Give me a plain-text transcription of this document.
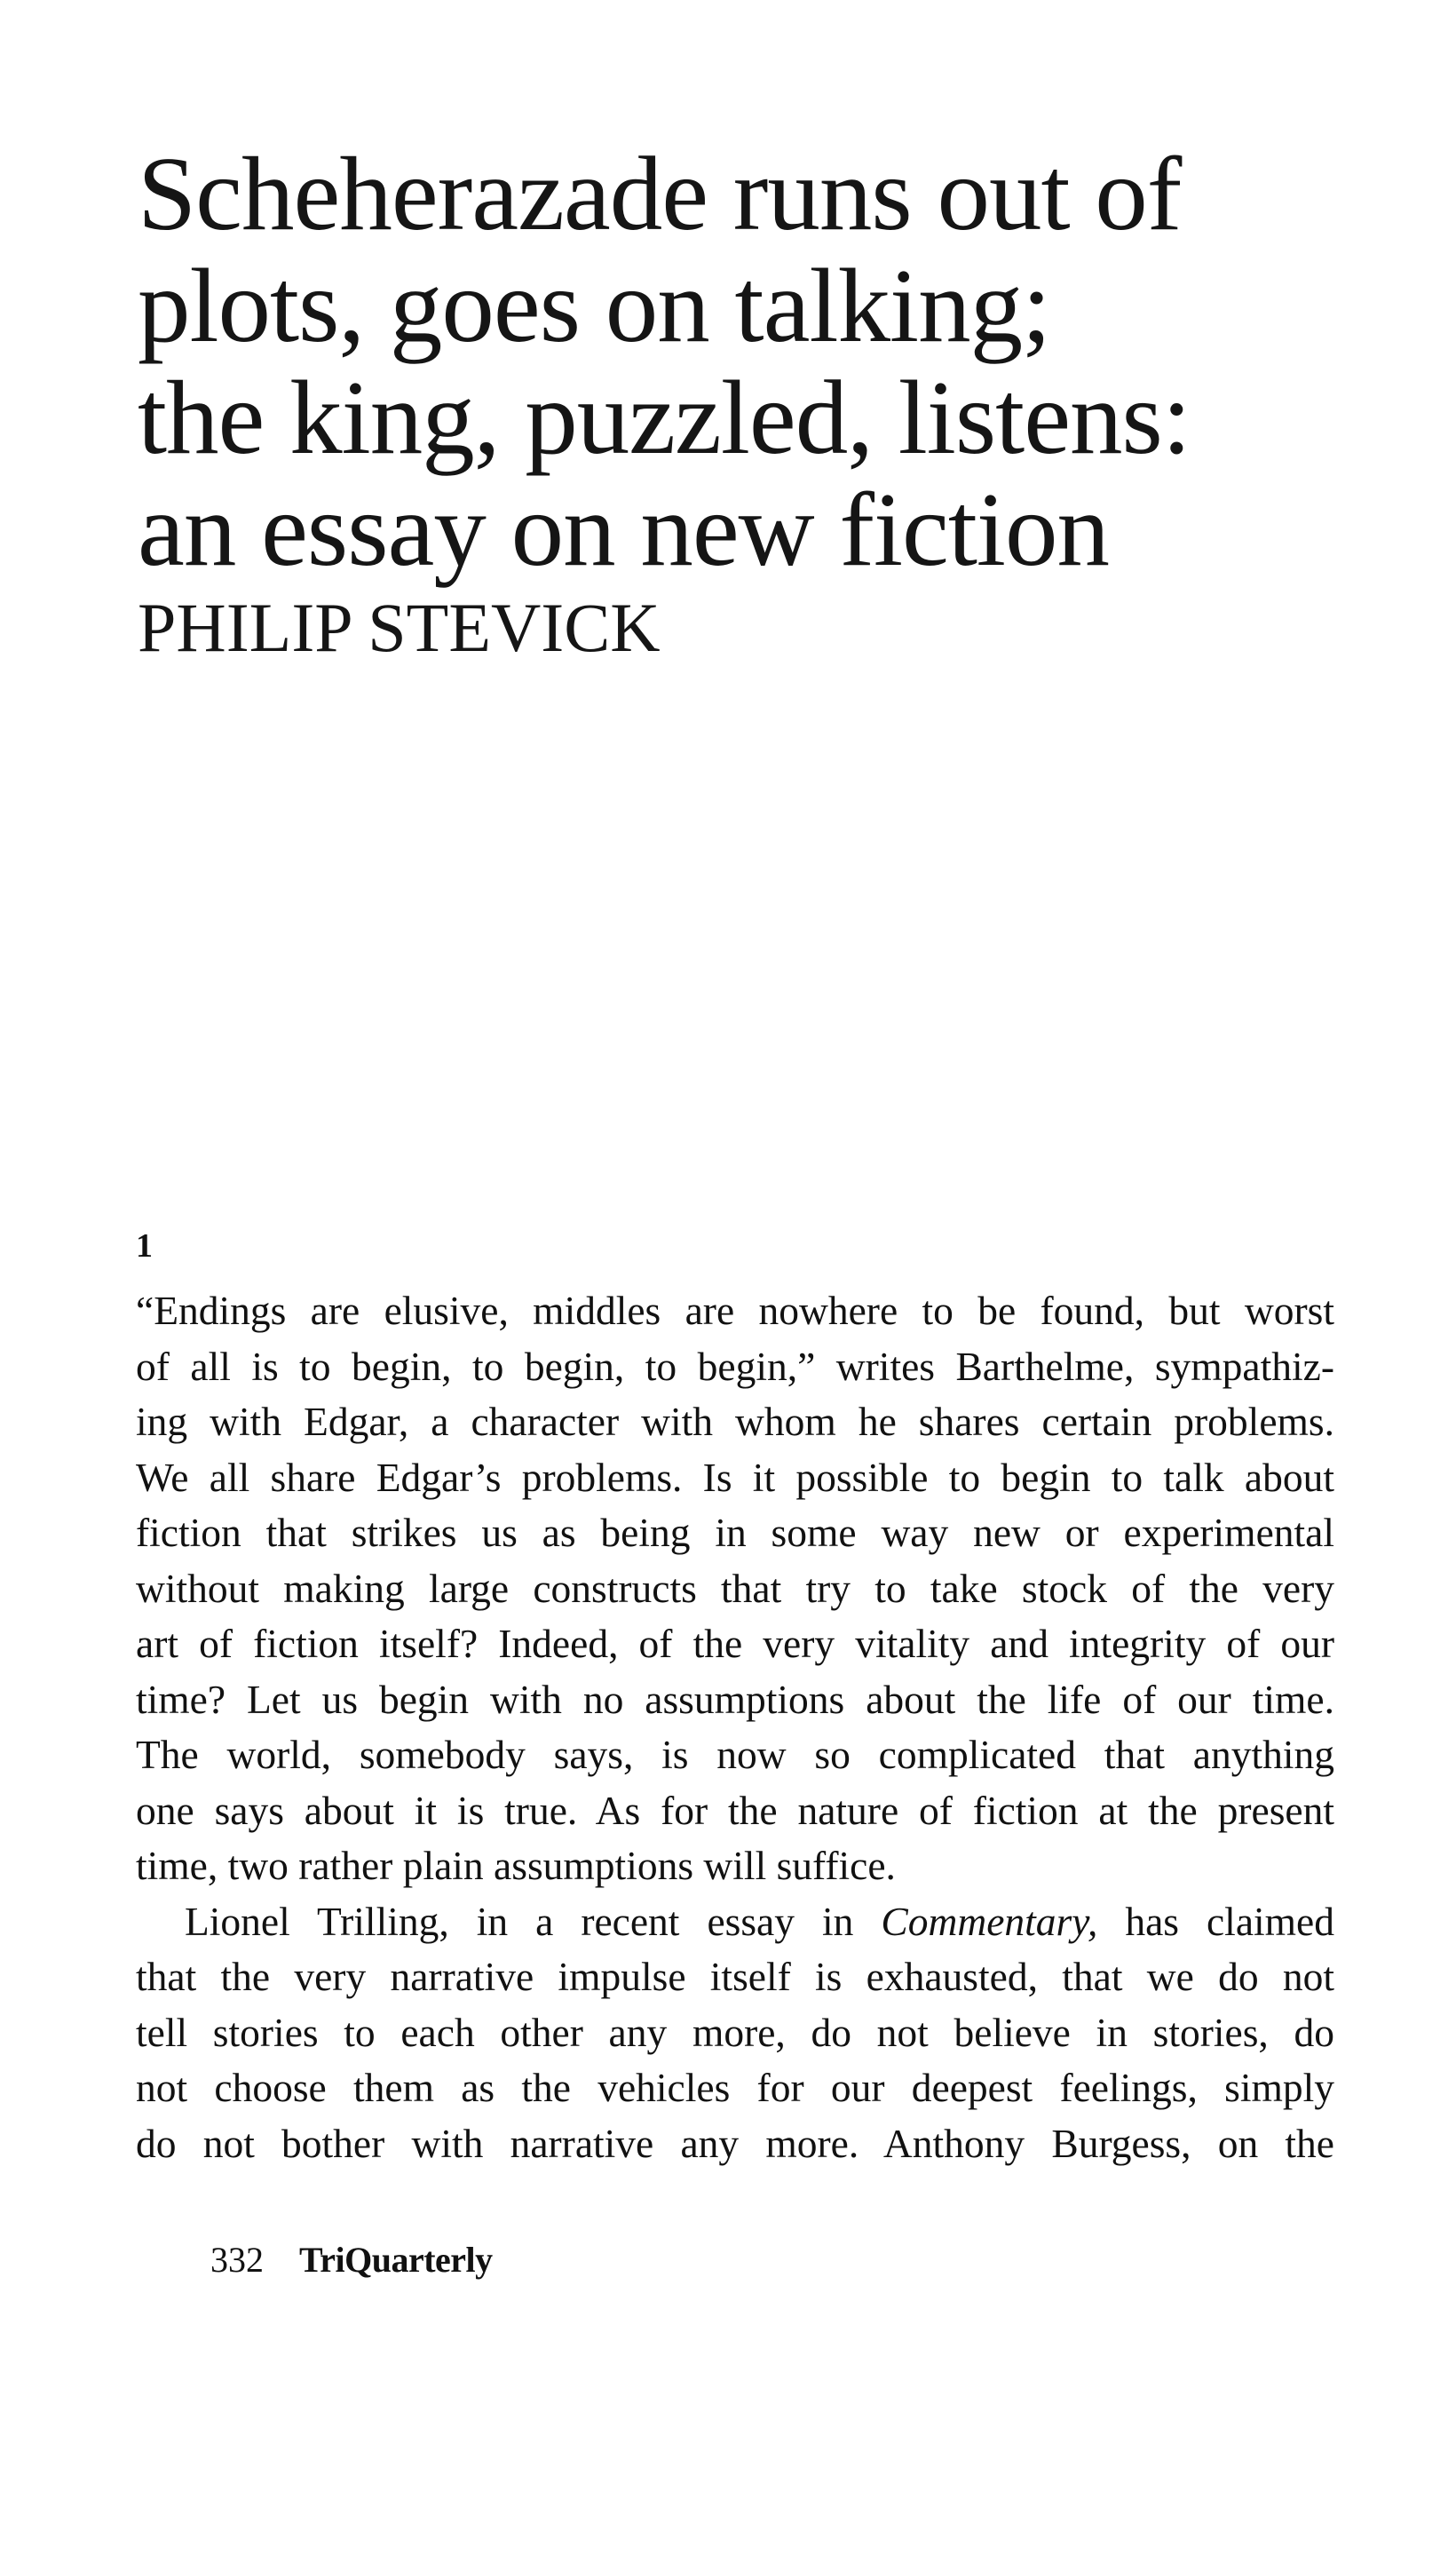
Scheherazade runs out of
plots, goes on talking;
the king, puzzled, listens:
an essay on new fiction
PHILIP STEVICK
1

“Endings are elusive, middles are nowhere to be found, but worst
of all is to begin, to begin, to begin,” writes Barthelme, sympathiz-
ing with Edgar, a character with whom he shares certain problems.
We all share Edgar’s problems. Is it possible to begin to talk about
fiction that strikes us as being in some way new or experimental
without making large constructs that try to take stock of the very
art of fiction itself? Indeed, of the very vitality and integrity of our
time? Let us begin with no assumptions about the life of our time.
The world, somebody says, is now so complicated that anything
one says about it is true. As for the nature of fiction at the present
time, two rather plain assumptions will suffice.

Lionel Trilling, in a recent essay in Commentary, has claimed
that the very narrative impulse itself is exhausted, that we do not
tell stories to each other any more, do not believe in stories, do
not choose them as the vehicles for our deepest feelings, simply
do not bother with narrative any more. Anthony Burgess, on the

332 TriQuarterly
